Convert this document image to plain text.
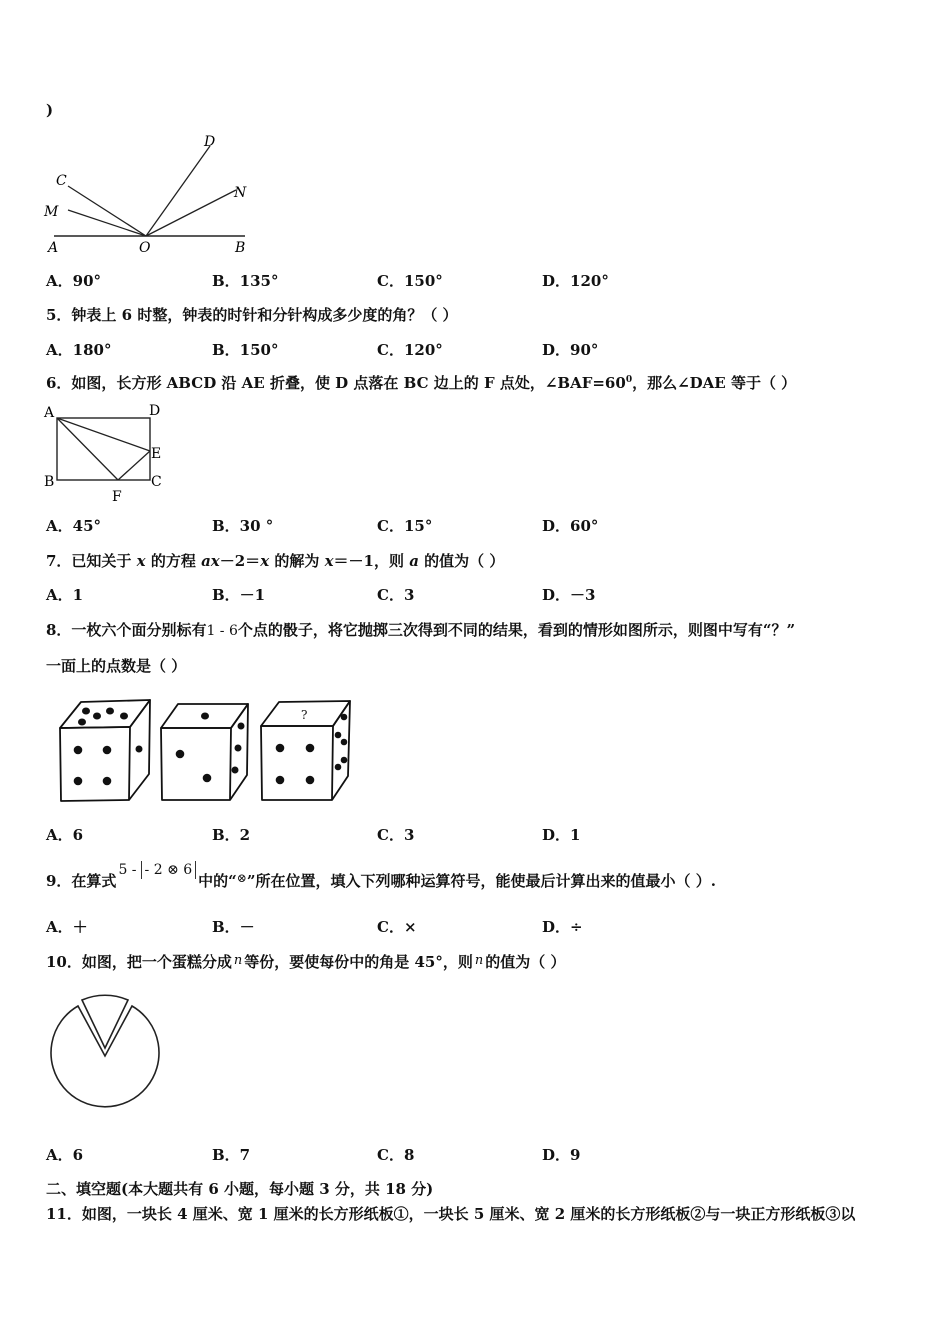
)
A	O	B
C
M
D
N
A．90°	B．135°	C．150°	D．120°
5．钟表上 6 时整，钟表的时针和分针构成多少度的角？（ ）
A．180°	B．150°	C．120°	D．90°
6．如图，长方形 ABCD 沿 AE 折叠，使 D 点落在 BC 边上的 F 点处，$\angle BAF=60^0$，那么∠DAE 等于（ ）
A	D
E
B	C
F
A．45°	B．30 °	C．15°	D．60°
7．已知关于 x 的方程 ax－2＝x 的解为 x＝－1，则 a 的值为（ ）
A．1	B．－1	C．3	D．－3
8．一枚六个面分别标有1 - 6个点的骰子，将它抛掷三次得到不同的结果，看到的情形如图所示，则图中写有“？”
一面上的点数是（ ）
?
A．6	B．2	C．3	D．1
9．在算式5 - - 2 ⊗ 6中的“⊗”所在位置，填入下列哪种运算符号，能使最后计算出来的值最小（ ）.
A．＋	B．－	C．×	D．÷
10．如图，把一个蛋糕分成 n 等份，要使每份中的角是 45°，则 n 的值为（ ）
A．6	B．7	C．8	D．9
二、填空题(本大题共有 6 小题，每小题 3 分，共 18 分)
11．如图，一块长 4 厘米、宽 1 厘米的长方形纸板①，一块长 5 厘米、宽 2 厘米的长方形纸板②与一块正方形纸板③以
